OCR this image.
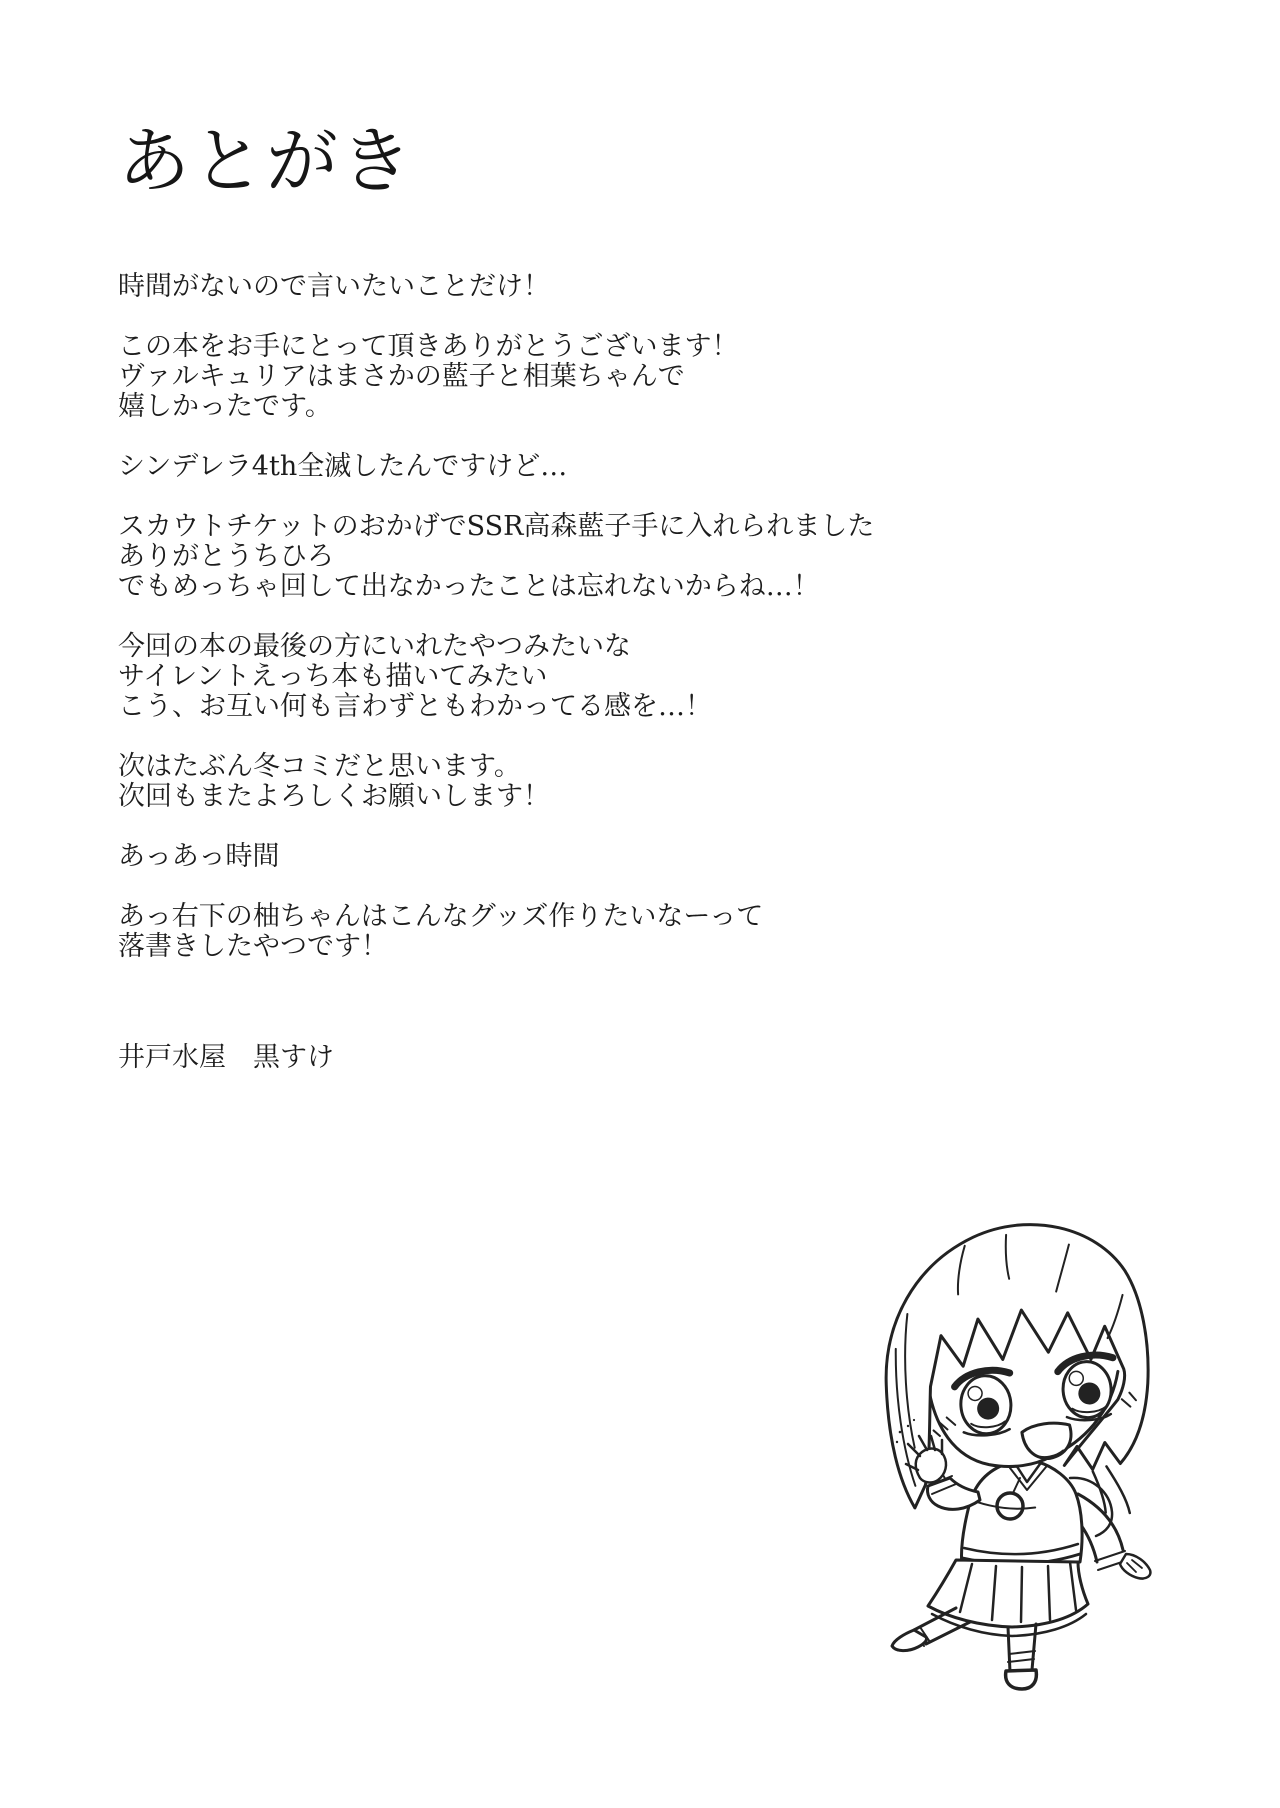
あとがき

時間がないので言いたいことだけ！

この本をお手にとって頂きありがとうございます！
ヴァルキュリアはまさかの藍子と相葉ちゃんで
嬉しかったです。

シンデレラ4th全滅したんですけど…

スカウトチケットのおかげでSSR高森藍子手に入れられました
ありがとうちひろ
でもめっちゃ回して出なかったことは忘れないからね…！

今回の本の最後の方にいれたやつみたいな
サイレントえっち本も描いてみたい
こう、お互い何も言わずともわかってる感を…！

次はたぶん冬コミだと思います。
次回もまたよろしくお願いします！

あっあっ時間

あっ右下の柚ちゃんはこんなグッズ作りたいなーって
落書きしたやつです！

井戸水屋　黒すけ
